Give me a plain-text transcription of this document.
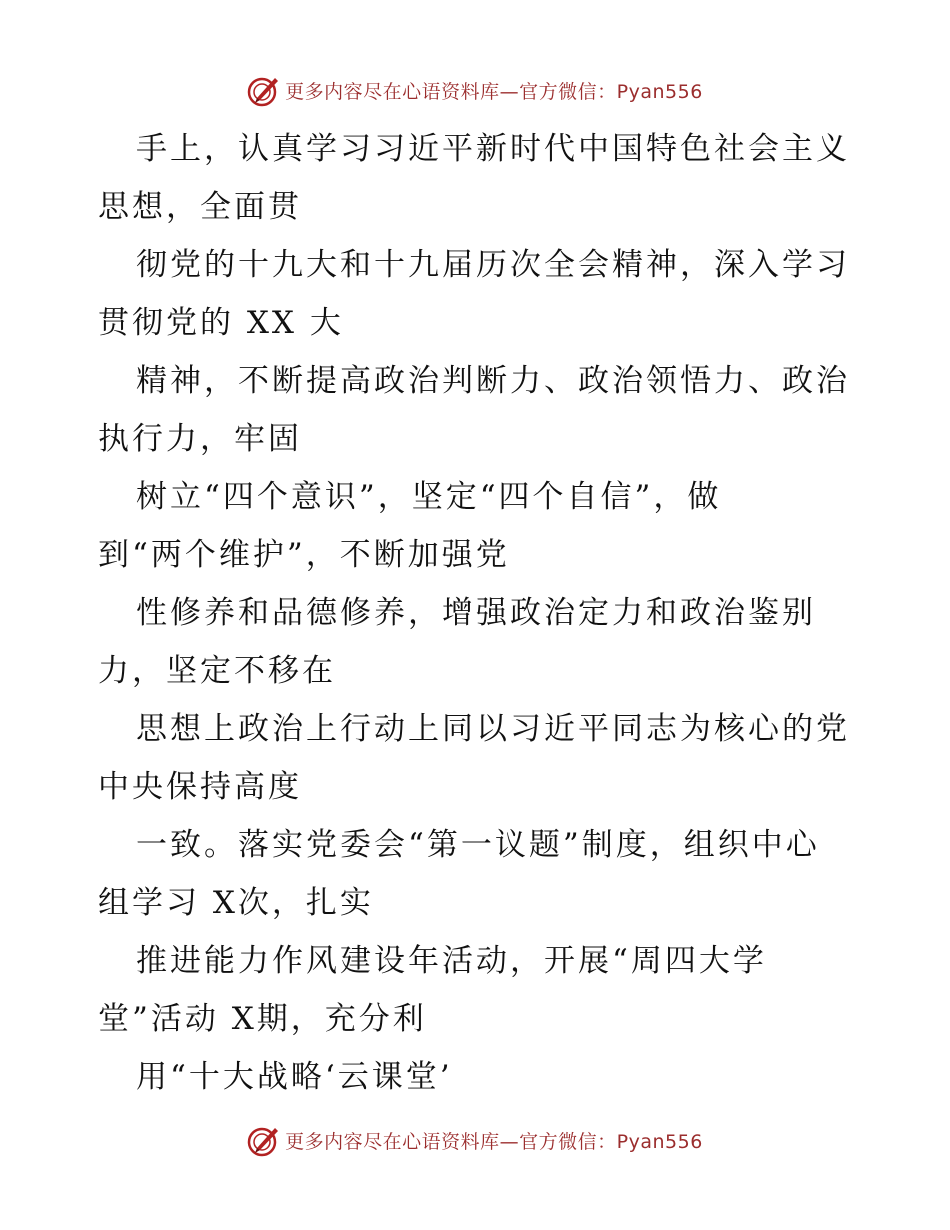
更多内容尽在心语资料库—官方微信：Pyan556
手上，认真学习习近平新时代中国特色社会主义
思想，全面贯
彻党的十九大和十九届历次全会精神，深入学习
贯彻党的 XX 大
精神，不断提高政治判断力、政治领悟力、政治
执行力，牢固
树立“四个意识”，坚定“四个自信”，做
到“两个维护”，不断加强党
性修养和品德修养，增强政治定力和政治鉴别
力，坚定不移在
思想上政治上行动上同以习近平同志为核心的党
中央保持高度
一致。落实党委会“第一议题”制度，组织中心
组学习 X次，扎实
推进能力作风建设年活动，开展“周四大学
堂”活动 X期，充分利
用“十大战略‘云课堂’
更多内容尽在心语资料库—官方微信：Pyan556
